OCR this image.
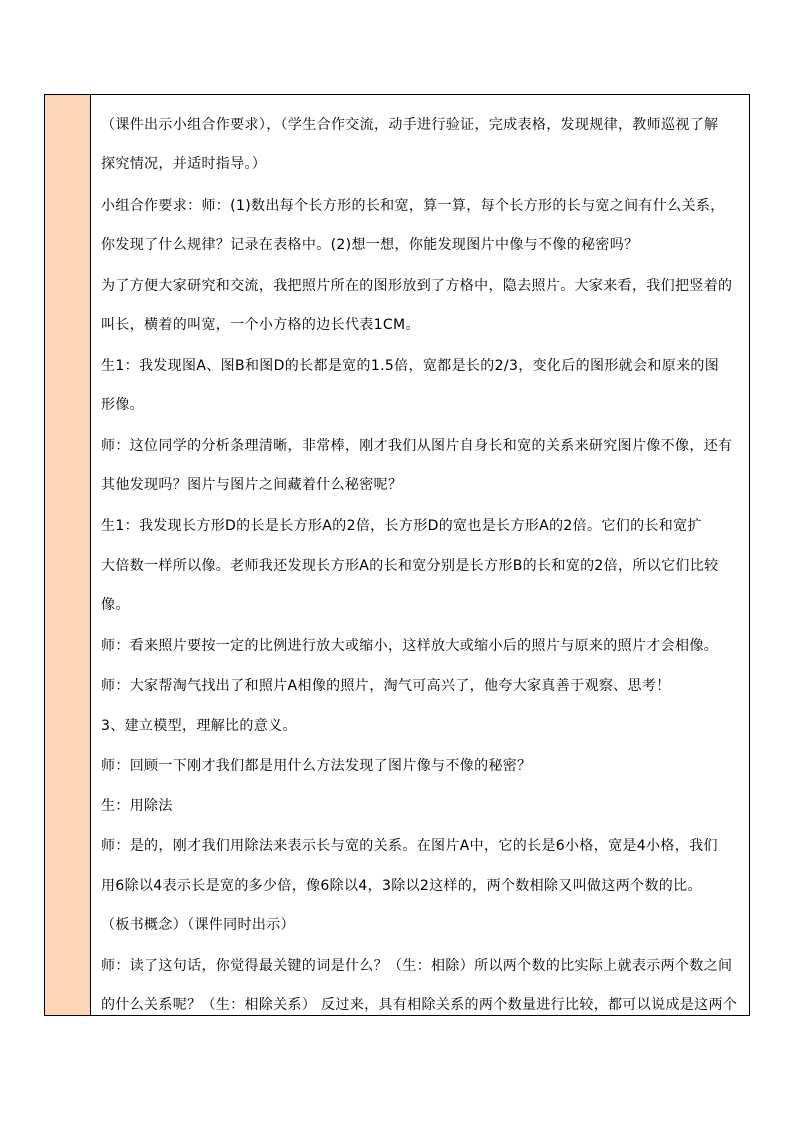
（课件出示小组合作要求），（学生合作交流，动手进行验证，完成表格，发现规律，教师巡视了解

探究情况，并适时指导。）

小组合作要求：师：(1)数出每个长方形的长和宽，算一算，每个长方形的长与宽之间有什么关系，

你发现了什么规律？记录在表格中。(2)想一想，你能发现图片中像与不像的秘密吗？

为了方便大家研究和交流，我把照片所在的图形放到了方格中，隐去照片。大家来看，我们把竖着的

叫长，横着的叫宽，一个小方格的边长代表1CM。

生1：我发现图A、图B和图D的长都是宽的1.5倍，宽都是长的2/3，变化后的图形就会和原来的图

形像。

师：这位同学的分析条理清晰，非常棒，刚才我们从图片自身长和宽的关系来研究图片像不像，还有

其他发现吗？图片与图片之间藏着什么秘密呢？

生1：我发现长方形D的长是长方形A的2倍，长方形D的宽也是长方形A的2倍。它们的长和宽扩

大倍数一样所以像。老师我还发现长方形A的长和宽分别是长方形B的长和宽的2倍，所以它们比较

像。

师：看来照片要按一定的比例进行放大或缩小，这样放大或缩小后的照片与原来的照片才会相像。

师：大家帮淘气找出了和照片A相像的照片，淘气可高兴了，他夸大家真善于观察、思考！

3、建立模型，理解比的意义。

师：回顾一下刚才我们都是用什么方法发现了图片像与不像的秘密？

生：用除法

师：是的，刚才我们用除法来表示长与宽的关系。在图片A中，它的长是6小格，宽是4小格，我们

用6除以4表示长是宽的多少倍，像6除以4，3除以2这样的，两个数相除又叫做这两个数的比。

（板书概念）（课件同时出示）

师：读了这句话，你觉得最关键的词是什么？（生：相除）所以两个数的比实际上就表示两个数之间

的什么关系呢？（生：相除关系） 反过来，具有相除关系的两个数量进行比较，都可以说成是这两个
